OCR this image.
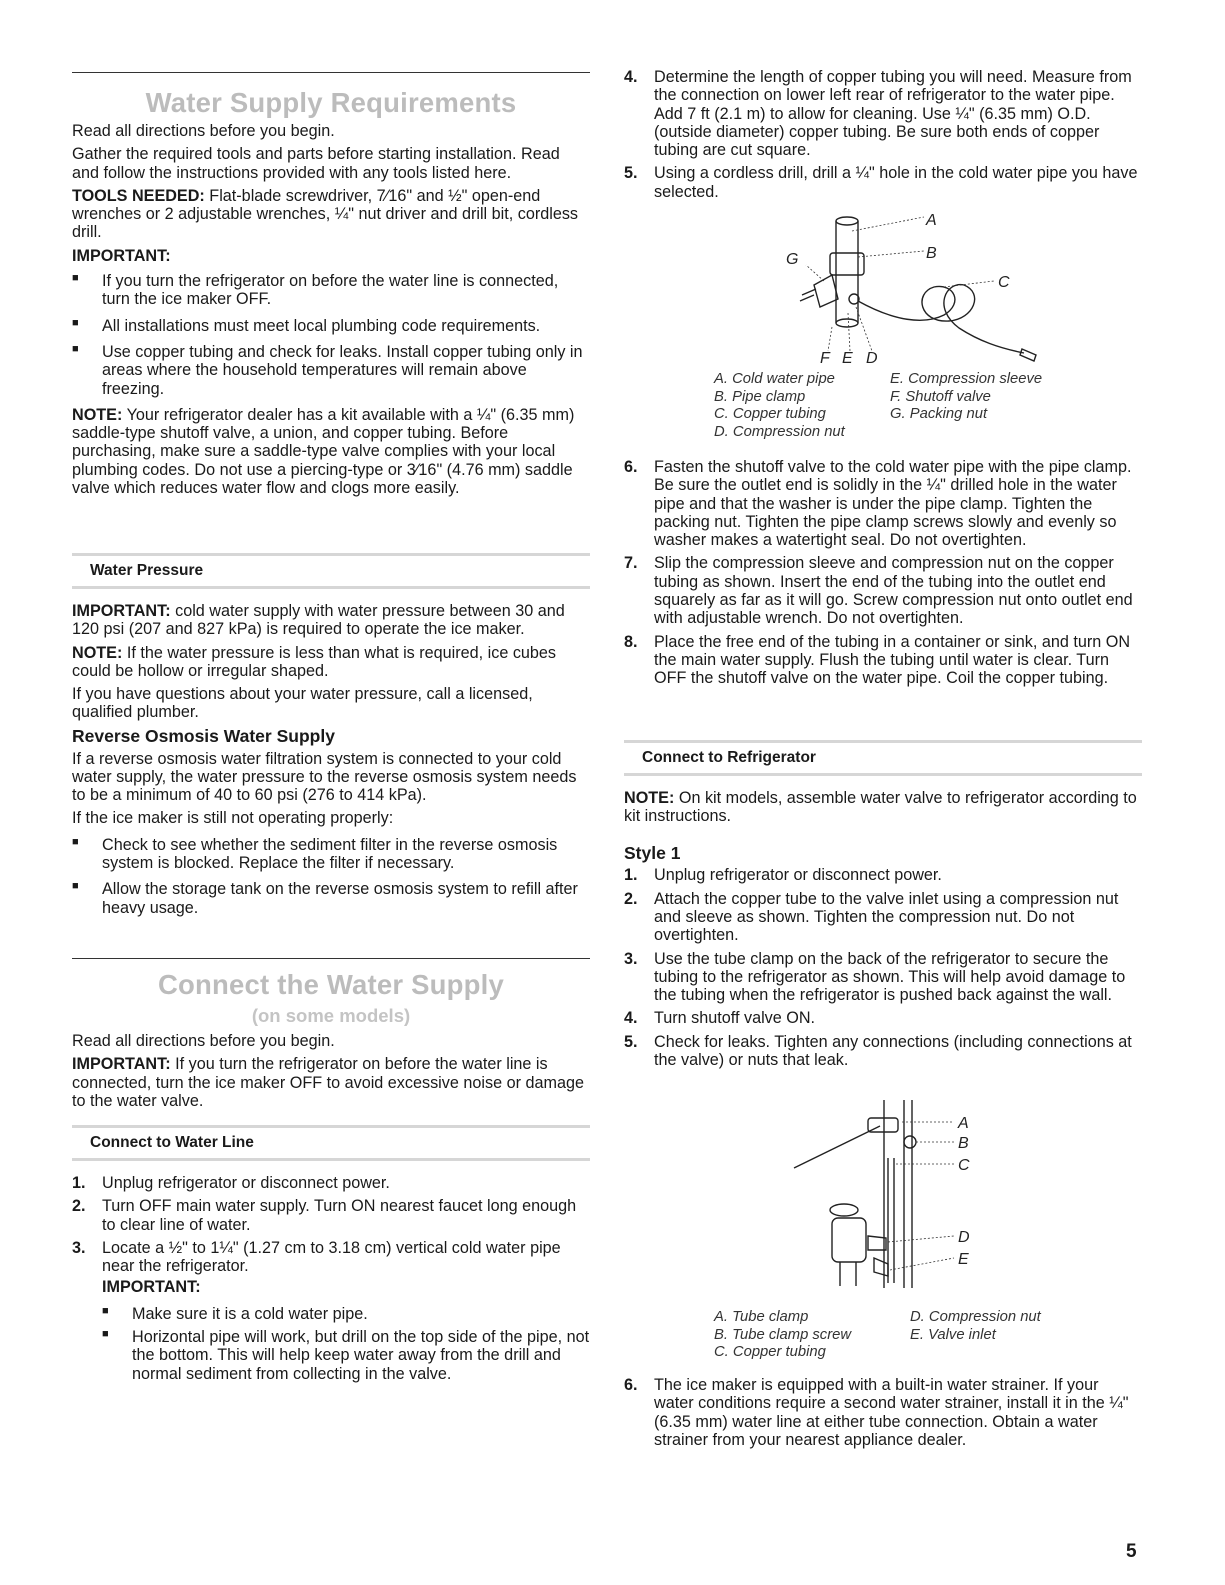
Water Supply Requirements

Read all directions before you begin.

Gather the required tools and parts before starting installation. Read and follow the instructions provided with any tools listed here.

TOOLS NEEDED: Flat-blade screwdriver, 7⁄16" and ½" open-end wrenches or 2 adjustable wrenches, ¼" nut driver and drill bit, cordless drill.

IMPORTANT:

■ If you turn the refrigerator on before the water line is connected, turn the ice maker OFF.
■ All installations must meet local plumbing code requirements.
■ Use copper tubing and check for leaks. Install copper tubing only in areas where the household temperatures will remain above freezing.

NOTE: Your refrigerator dealer has a kit available with a ¼" (6.35 mm) saddle-type shutoff valve, a union, and copper tubing. Before purchasing, make sure a saddle-type valve complies with your local plumbing codes. Do not use a piercing-type or 3⁄16" (4.76 mm) saddle valve which reduces water flow and clogs more easily.

Water Pressure

IMPORTANT: cold water supply with water pressure between 30 and 120 psi (207 and 827 kPa) is required to operate the ice maker.

NOTE: If the water pressure is less than what is required, ice cubes could be hollow or irregular shaped.

If you have questions about your water pressure, call a licensed, qualified plumber.

Reverse Osmosis Water Supply

If a reverse osmosis water filtration system is connected to your cold water supply, the water pressure to the reverse osmosis system needs to be a minimum of 40 to 60 psi (276 to 414 kPa).

If the ice maker is still not operating properly:

■ Check to see whether the sediment filter in the reverse osmosis system is blocked. Replace the filter if necessary.
■ Allow the storage tank on the reverse osmosis system to refill after heavy usage.
Connect the Water Supply
(on some models)

Read all directions before you begin.

IMPORTANT: If you turn the refrigerator on before the water line is connected, turn the ice maker OFF to avoid excessive noise or damage to the water valve.

Connect to Water Line
1. Unplug refrigerator or disconnect power.
2. Turn OFF main water supply. Turn ON nearest faucet long enough to clear line of water.
3. Locate a ½" to 1¼" (1.27 cm to 3.18 cm) vertical cold water pipe near the refrigerator.
IMPORTANT:
■ Make sure it is a cold water pipe.
■ Horizontal pipe will work, but drill on the top side of the pipe, not the bottom. This will help keep water away from the drill and normal sediment from collecting in the valve.
4. Determine the length of copper tubing you will need. Measure from the connection on lower left rear of refrigerator to the water pipe. Add 7 ft (2.1 m) to allow for cleaning. Use ¼" (6.35 mm) O.D. (outside diameter) copper tubing. Be sure both ends of copper tubing are cut square.
5. Using a cordless drill, drill a ¼" hole in the cold water pipe you have selected.
A
B
C
D
E
F
G
A. Cold water pipe	E. Compression sleeve
B. Pipe clamp	F. Shutoff valve
C. Copper tubing	G. Packing nut
D. Compression nut
6. Fasten the shutoff valve to the cold water pipe with the pipe clamp. Be sure the outlet end is solidly in the ¼" drilled hole in the water pipe and that the washer is under the pipe clamp. Tighten the packing nut. Tighten the pipe clamp screws slowly and evenly so washer makes a watertight seal. Do not overtighten.
7. Slip the compression sleeve and compression nut on the copper tubing as shown. Insert the end of the tubing into the outlet end squarely as far as it will go. Screw compression nut onto outlet end with adjustable wrench. Do not overtighten.
8. Place the free end of the tubing in a container or sink, and turn ON the main water supply. Flush the tubing until water is clear. Turn OFF the shutoff valve on the water pipe. Coil the copper tubing.
Connect to Refrigerator

NOTE: On kit models, assemble water valve to refrigerator according to kit instructions.

Style 1
1. Unplug refrigerator or disconnect power.
2. Attach the copper tube to the valve inlet using a compression nut and sleeve as shown. Tighten the compression nut. Do not overtighten.
3. Use the tube clamp on the back of the refrigerator to secure the tubing to the refrigerator as shown. This will help avoid damage to the tubing when the refrigerator is pushed back against the wall.
4. Turn shutoff valve ON.
5. Check for leaks. Tighten any connections (including connections at the valve) or nuts that leak.
A
B
C
D
E
A. Tube clamp	D. Compression nut
B. Tube clamp screw	E. Valve inlet
C. Copper tubing
6. The ice maker is equipped with a built-in water strainer. If your water conditions require a second water strainer, install it in the ¼" (6.35 mm) water line at either tube connection. Obtain a water strainer from your nearest appliance dealer.
5
